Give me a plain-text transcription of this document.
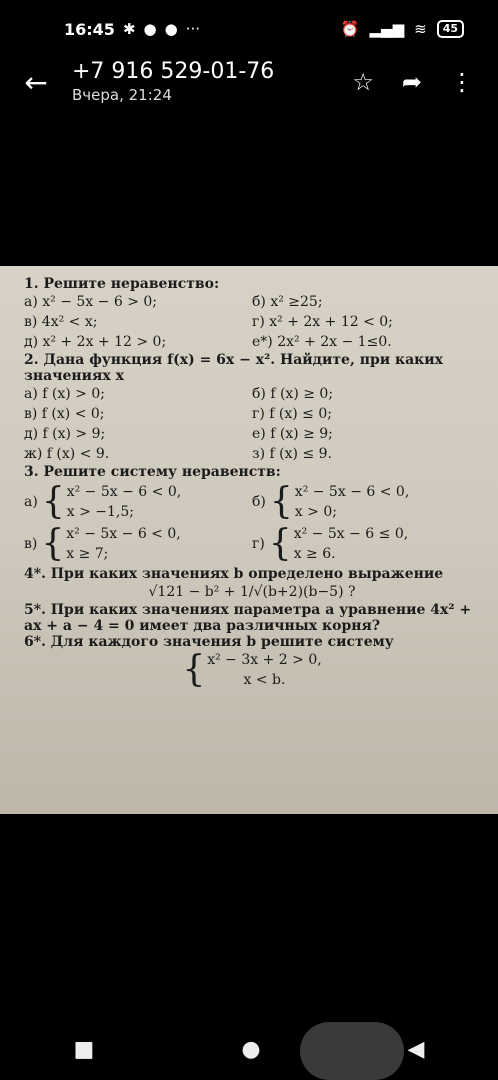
16:45 ✱ ● ● ···	⏰ ▂▄▆ ≋	45
←	+7 916 529-01-76
Вчера, 21:24	☆ ➦ ⋮
1. Решите неравенство:
а) x² − 5x − 6 > 0;	б) x² ≥25;
в) 4x² < x;	г) x² + 2x + 12 < 0;
д) x² + 2x + 12 > 0;	е*) 2x² + 2x − 1≤0.
2. Дана функция f(x) = 6x − x². Найдите, при каких значениях x
а) f (x) > 0;	б) f (x) ≥ 0;
в) f (x) < 0;	г) f (x) ≤ 0;
д) f (x) > 9;	е) f (x) ≥ 9;
ж) f (x) < 9.	з) f (x) ≤ 9.
3. Решите систему неравенств:
а) { x² − 5x − 6 < 0,
x > −1,5;
б) { x² − 5x − 6 < 0,
x > 0;
в) { x² − 5x − 6 < 0,
x ≥ 7;
г) { x² − 5x − 6 ≤ 0,
x ≥ 6.
4*. При каких значениях b определено выражение
√121 − b² + 1/√(b+2)(b−5) ?
5*. При каких значениях параметра a уравнение 4x² + ax + a − 4 = 0 имеет два различных корня?
6*. Для каждого значения b решите систему
{ x² − 3x + 2 > 0,
x < b.
■	●	◀
